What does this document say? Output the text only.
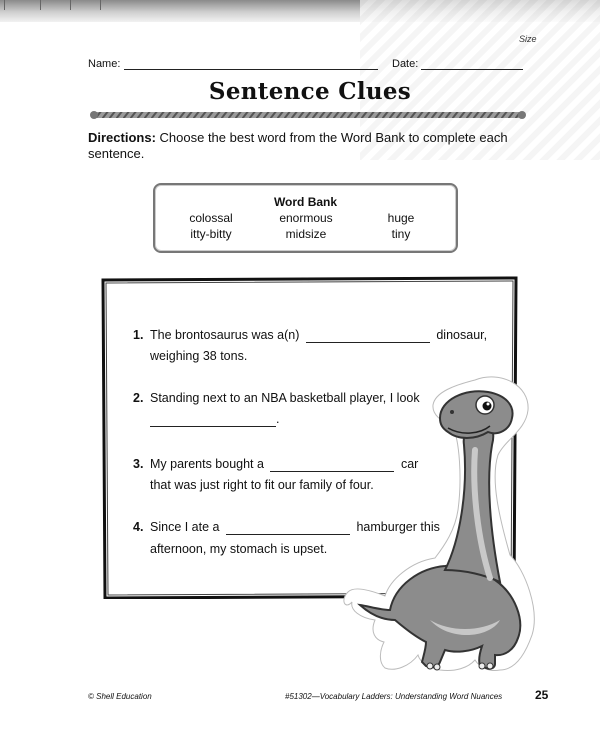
Size
Name:	Date:
Sentence Clues
Directions: Choose the best word from the Word Bank to complete each sentence.
Word Bank
colossal	enormous	huge
itty-bitty	midsize	tiny
1. The brontosaurus was a(n)	dinosaur,
weighing 38 tons.
2. Standing next to an NBA basketball player, I look
.
3. My parents bought a	car
that was just right to fit our family of four.
4. Since I ate a	hamburger this
afternoon, my stomach is upset.
© Shell Education	#51302—Vocabulary Ladders: Understanding Word Nuances	25
